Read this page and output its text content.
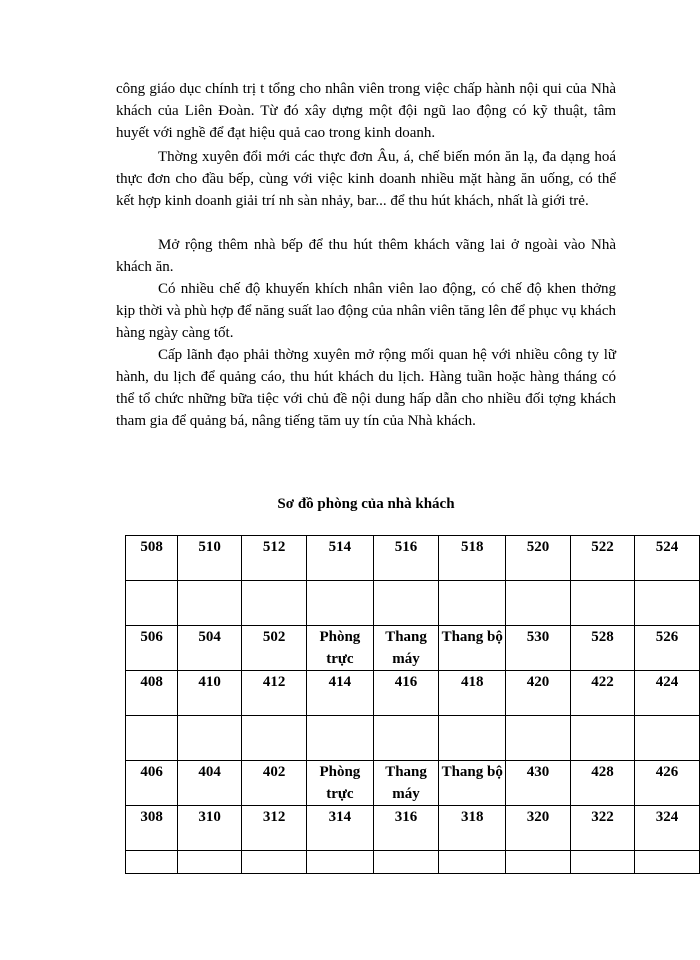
công giáo dục chính trị t tổng cho nhân viên trong việc chấp hành nội qui của Nhà khách của Liên Đoàn. Từ đó xây dựng một đội ngũ lao động có kỹ thuật, tâm huyết với nghề để đạt hiệu quả cao trong kinh doanh.

Thờng xuyên đổi mới các thực đơn Âu, á, chế biến món ăn lạ, đa dạng hoá thực đơn cho đầu bếp, cùng với việc kinh doanh nhiều mặt hàng ăn uống, có thể kết hợp kinh doanh giải trí nh sàn nhảy, bar... để thu hút khách, nhất là giới trẻ.

Mở rộng thêm nhà bếp để thu hút thêm khách vãng lai ở ngoài vào Nhà khách ăn.

Có nhiều chế độ khuyến khích nhân viên lao động, có chế độ khen thởng kịp thời và phù hợp để năng suất lao động của nhân viên tăng lên để phục vụ khách hàng ngày càng tốt.

Cấp lãnh đạo phải thờng xuyên mở rộng mối quan hệ với nhiều công ty lữ hành, du lịch để quảng cáo, thu hút khách du lịch. Hàng tuần hoặc hàng tháng có thể tổ chức những bữa tiệc với chủ đề nội dung hấp dẫn cho nhiều đối tợng khách tham gia để quảng bá, nâng tiếng tăm uy tín của Nhà khách.

Sơ đồ phòng của nhà khách
508	510	512	514	516	518	520	522	524

506	504	502	Phòng trực	Thang máy	Thang bộ	530	528	526
408	410	412	414	416	418	420	422	424

406	404	402	Phòng trực	Thang máy	Thang bộ	430	428	426
308	310	312	314	316	318	320	322	324
